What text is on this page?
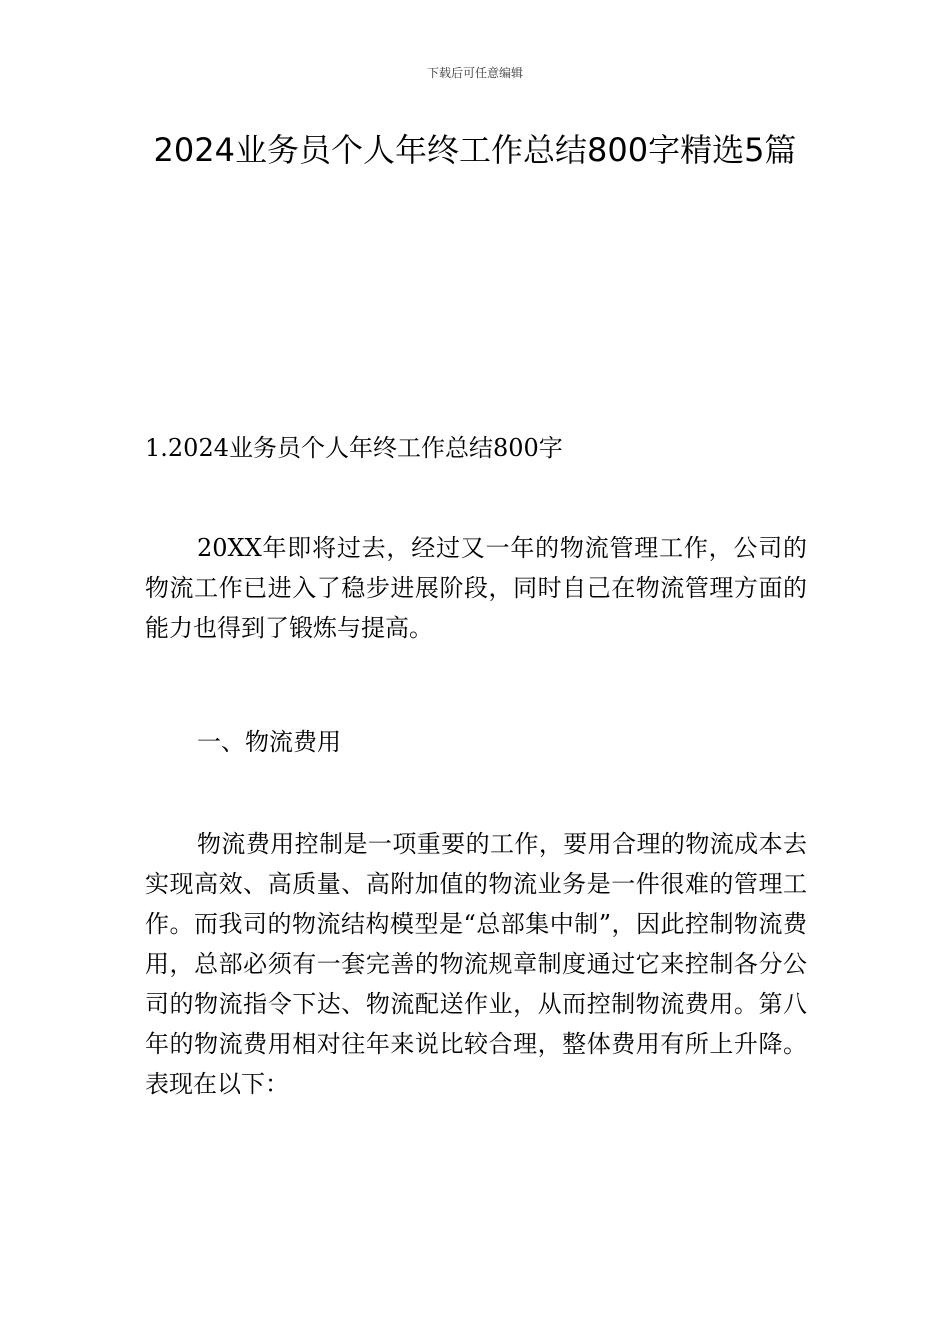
下载后可任意编辑
2024业务员个人年终工作总结800字精选5篇
1.2024业务员个人年终工作总结800字

20XX年即将过去，经过又一年的物流管理工作，公司的物流工作已进入了稳步进展阶段，同时自己在物流管理方面的能力也得到了锻炼与提高。

一、物流费用

物流费用控制是一项重要的工作，要用合理的物流成本去实现高效、高质量、高附加值的物流业务是一件很难的管理工作。而我司的物流结构模型是“总部集中制”，因此控制物流费用，总部必须有一套完善的物流规章制度通过它来控制各分公司的物流指令下达、物流配送作业，从而控制物流费用。第八年的物流费用相对往年来说比较合理，整体费用有所上升降。表现在以下：
